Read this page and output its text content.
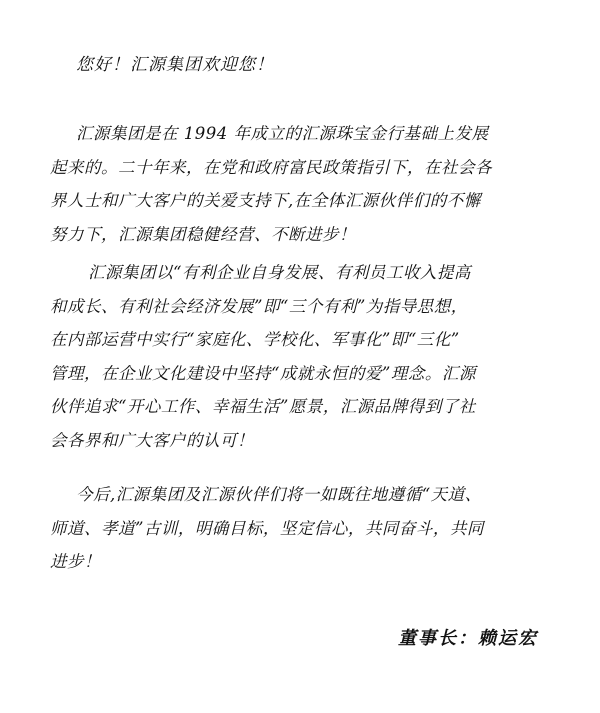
您好！汇源集团欢迎您！
汇源集团是在 1994 年成立的汇源珠宝金行基础上发展
起来的。二十年来，在党和政府富民政策指引下，在社会各
界人士和广大客户的关爱支持下,在全体汇源伙伴们的不懈
努力下，汇源集团稳健经营、不断进步！
汇源集团以“有利企业自身发展、有利员工收入提高
和成长、有利社会经济发展”即“三个有利”为指导思想，
在内部运营中实行“家庭化、学校化、军事化”即“三化”
管理，在企业文化建设中坚持“成就永恒的爱”理念。汇源
伙伴追求“开心工作、幸福生活”愿景，汇源品牌得到了社
会各界和广大客户的认可！
今后,汇源集团及汇源伙伴们将一如既往地遵循“天道、
师道、孝道”古训，明确目标，坚定信心，共同奋斗，共同
进步！
董事长：赖运宏
